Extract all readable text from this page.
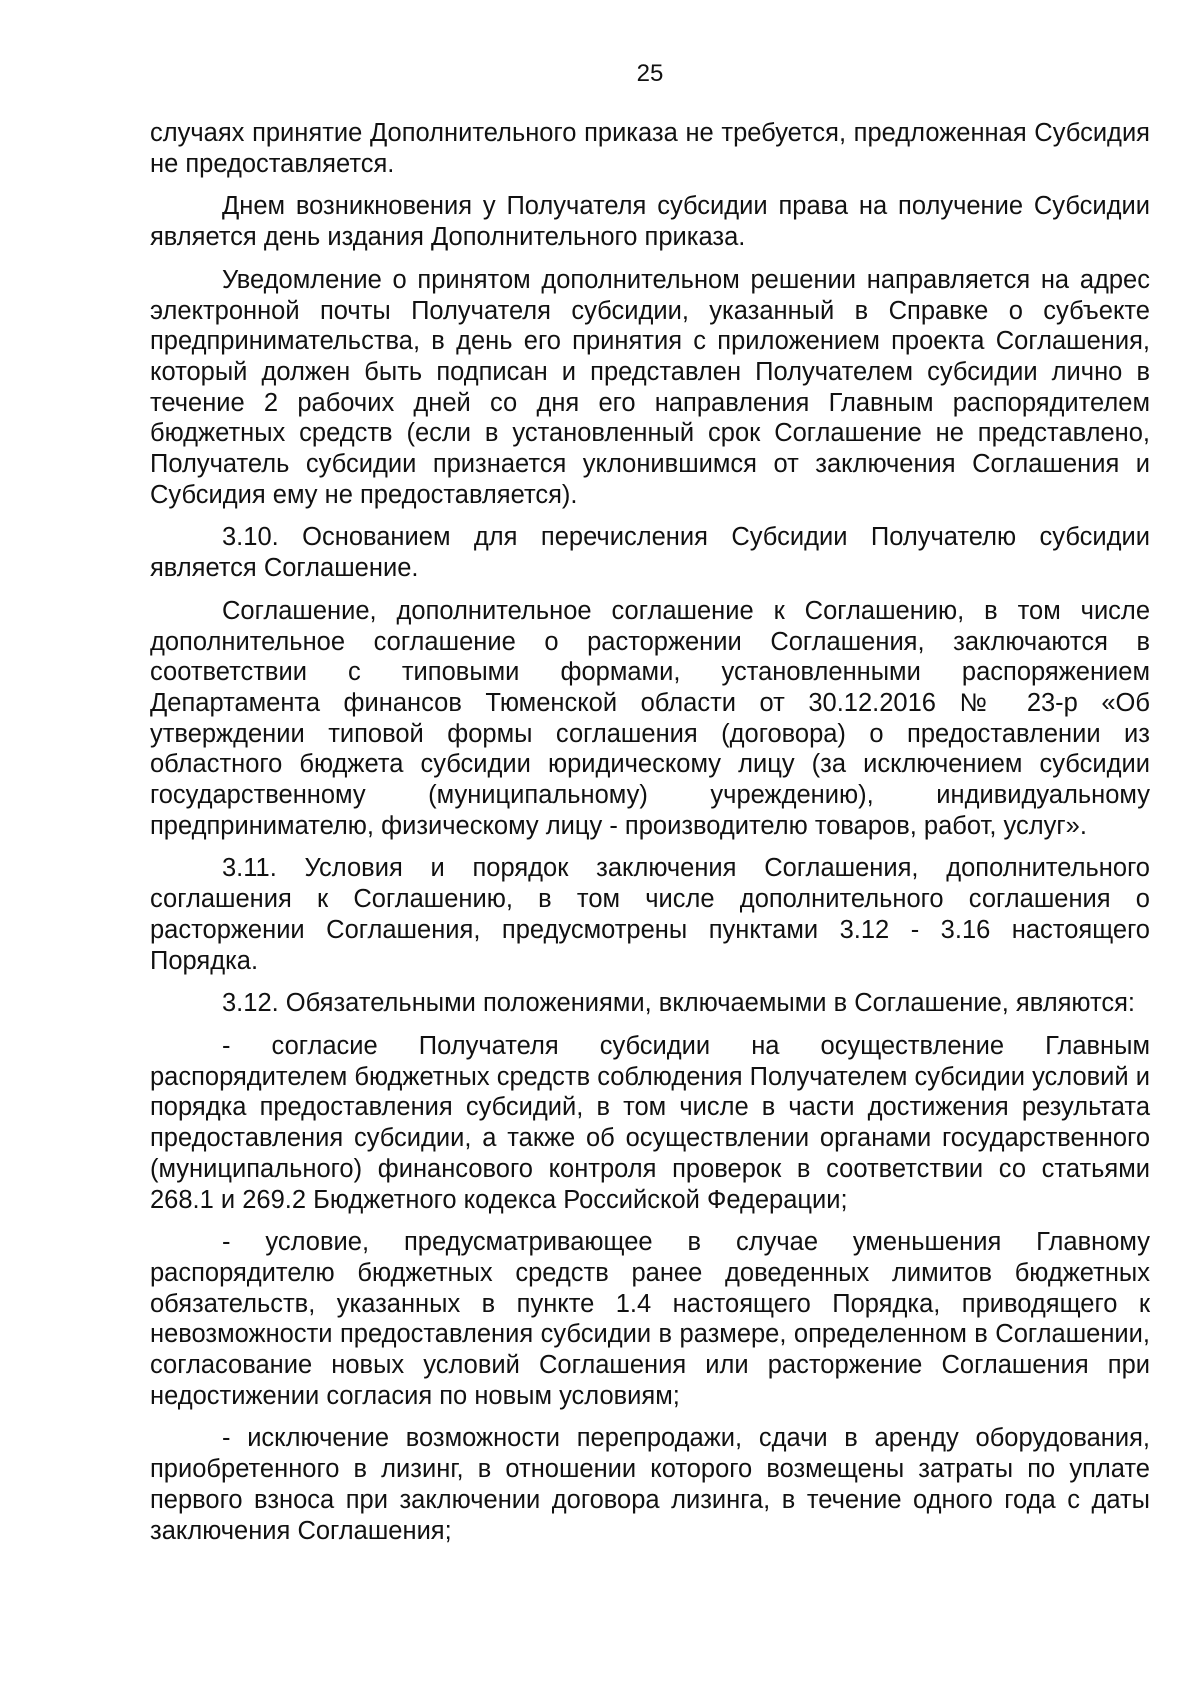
25

случаях принятие Дополнительного приказа не требуется, предложенная Субсидия не предоставляется.

Днем возникновения у Получателя субсидии права на получение Субсидии является день издания Дополнительного приказа.

Уведомление о принятом дополнительном решении направляется на адрес электронной почты Получателя субсидии, указанный в Справке о субъекте предпринимательства, в день его принятия с приложением проекта Соглашения, который должен быть подписан и представлен Получателем субсидии лично в течение 2 рабочих дней со дня его направления Главным распорядителем бюджетных средств (если в установленный срок Соглашение не представлено, Получатель субсидии признается уклонившимся от заключения Соглашения и Субсидия ему не предоставляется).

3.10. Основанием для перечисления Субсидии Получателю субсидии является Соглашение.

Соглашение, дополнительное соглашение к Соглашению, в том числе дополнительное соглашение о расторжении Соглашения, заключаются в соответствии с типовыми формами, установленными распоряжением Департамента финансов Тюменской области от 30.12.2016 № 23-р «Об утверждении типовой формы соглашения (договора) о предоставлении из областного бюджета субсидии юридическому лицу (за исключением субсидии государственному (муниципальному) учреждению), индивидуальному предпринимателю, физическому лицу - производителю товаров, работ, услуг».

3.11. Условия и порядок заключения Соглашения, дополнительного соглашения к Соглашению, в том числе дополнительного соглашения о расторжении Соглашения, предусмотрены пунктами 3.12 - 3.16 настоящего Порядка.

3.12. Обязательными положениями, включаемыми в Соглашение, являются:

- согласие Получателя субсидии на осуществление Главным распорядителем бюджетных средств соблюдения Получателем субсидии условий и порядка предоставления субсидий, в том числе в части достижения результата предоставления субсидии, а также об осуществлении органами государственного (муниципального) финансового контроля проверок в соответствии со статьями 268.1 и 269.2 Бюджетного кодекса Российской Федерации;

- условие, предусматривающее в случае уменьшения Главному распорядителю бюджетных средств ранее доведенных лимитов бюджетных обязательств, указанных в пункте 1.4 настоящего Порядка, приводящего к невозможности предоставления субсидии в размере, определенном в Соглашении, согласование новых условий Соглашения или расторжение Соглашения при недостижении согласия по новым условиям;

- исключение возможности перепродажи, сдачи в аренду оборудования, приобретенного в лизинг, в отношении которого возмещены затраты по уплате первого взноса при заключении договора лизинга, в течение одного года с даты заключения Соглашения;
